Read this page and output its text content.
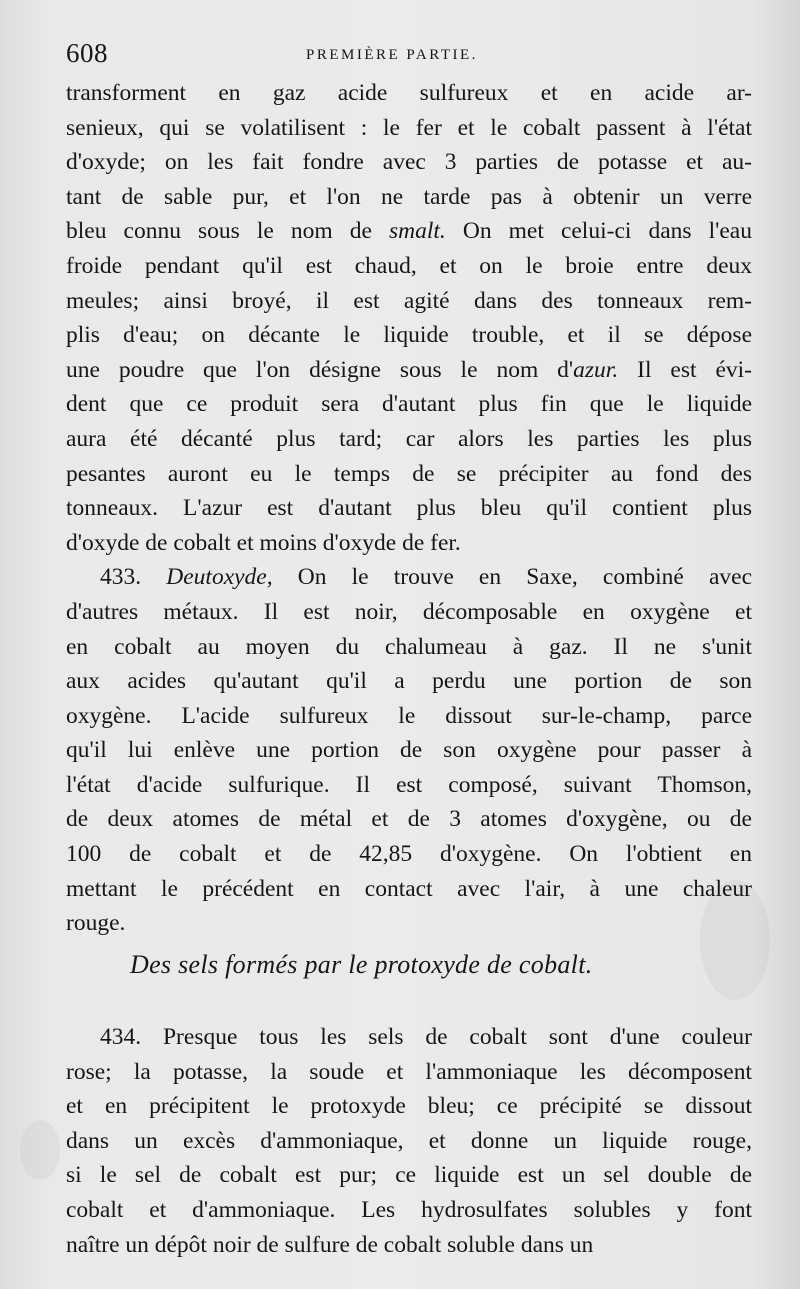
608	PREMIÈRE PARTIE.
transforment en gaz acide sulfureux et en acide ar-
senieux, qui se volatilisent : le fer et le cobalt passent à l'état
d'oxyde; on les fait fondre avec 3 parties de potasse et au-
tant de sable pur, et l'on ne tarde pas à obtenir un verre
bleu connu sous le nom de smalt. On met celui-ci dans l'eau
froide pendant qu'il est chaud, et on le broie entre deux
meules; ainsi broyé, il est agité dans des tonneaux rem-
plis d'eau; on décante le liquide trouble, et il se dépose
une poudre que l'on désigne sous le nom d'azur. Il est évi-
dent que ce produit sera d'autant plus fin que le liquide
aura été décanté plus tard; car alors les parties les plus
pesantes auront eu le temps de se précipiter au fond des
tonneaux. L'azur est d'autant plus bleu qu'il contient plus
d'oxyde de cobalt et moins d'oxyde de fer.
433. Deutoxyde, On le trouve en Saxe, combiné avec
d'autres métaux. Il est noir, décomposable en oxygène et
en cobalt au moyen du chalumeau à gaz. Il ne s'unit
aux acides qu'autant qu'il a perdu une portion de son
oxygène. L'acide sulfureux le dissout sur-le-champ, parce
qu'il lui enlève une portion de son oxygène pour passer à
l'état d'acide sulfurique. Il est composé, suivant Thomson,
de deux atomes de métal et de 3 atomes d'oxygène, ou de
100 de cobalt et de 42,85 d'oxygène. On l'obtient en
mettant le précédent en contact avec l'air, à une chaleur
rouge.
Des sels formés par le protoxyde de cobalt.
434. Presque tous les sels de cobalt sont d'une couleur
rose; la potasse, la soude et l'ammoniaque les décomposent
et en précipitent le protoxyde bleu; ce précipité se dissout
dans un excès d'ammoniaque, et donne un liquide rouge,
si le sel de cobalt est pur; ce liquide est un sel double de
cobalt et d'ammoniaque. Les hydrosulfates solubles y font
naître un dépôt noir de sulfure de cobalt soluble dans un
